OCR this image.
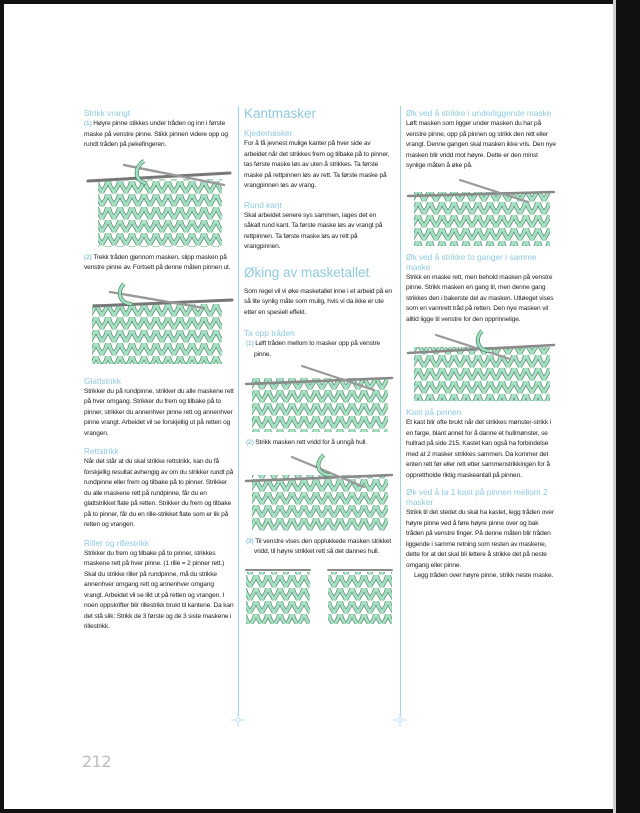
Strikk vrangt

(1) Høyre pinne stikkes under tråden og inn i første maske på venstre pinne. Stikk pinnen videre opp og rundt tråden på pekefingeren.

(2) Trekk tråden gjennom masken, slipp masken på venstre pinne av. Fortsett på denne måten pinnen ut.

Glattstrikk

Strikker du på rundpinne, strikker du alle maskene rett på hver omgang. Strikker du frem og tilbake på to pinner, strikker du annenhver pinne rett og annenhver pinne vrangt. Arbeidet vil se forskjellig ut på retten og vrangen.

Rettstrikk

Når det står at du skal strikke rettstrikk, kan du få forskjellig resultat avhengig av om du strikker rundt på rundpinne eller frem og tilbake på to pinner. Strikker du alle maskene rett på rundpinne, får du en glattstrikket flate på retten. Strikker du frem og tilbake på to pinner, får du en rille-strikket flate som er lik på retten og vrangen.

Riller og rillestrikk

Strikker du frem og tilbake på to pinner, strikkes maskene rett på hver pinne. (1 rille = 2 pinner rett.) Skal du strikke riller på rundpinne, må du strikke annenhver omgang rett og annenhver omgang vrangt. Arbeidet vil se likt ut på retten og vrangen. I noen oppskrifter blir rillestrikk brukt til kantene. Da kan det stå slik: Strikk de 3 første og de 3 siste maskene i rillestrikk.

Kantmasker
Kjedemasker

For å få jevnest mulige kanter på hver side av arbeidet når det strikkes frem og tilbake på to pinner, tas første maske løs av uten å strikkes. Ta første maske på rettpinnen løs av rett. Ta første maske på vrangpinnen løs av vrang.

Rund kant

Skal arbeidet senere sys sammen, lages det en såkalt rund kant. Ta første maske løs av vrangt på rettpinnen. Ta første maske løs av rett på vrangpinnen.

Øking av masketallet

Som regel vil vi øke masketallet inne i et arbeid på en så lite synlig måte som mulig, hvis vi da ikke er ute etter en spesiell effekt.

Ta opp tråden

(1) Løft tråden mellom to masker opp på venstre pinne.

(2) Strikk masken rett vridd for å unngå hull.

(3) Til venstre vises den opplukkede masken strikket vridd, til høyre strikket rett så det dannes hull.

Øk ved å strikke i underliggende maske

Løft masken som ligger under masken du har på venstre pinne, opp på pinnen og strikk den rett eller vrangt. Denne gangen skal masken ikke vris. Den nye masken blir vridd mot høyre. Dette er den minst synlige måten å øke på.

Øk ved å strikke to ganger i samme maske

Strikk en maske rett, men behold masken på venstre pinne. Strikk masken en gang til, men denne gang strikkes den i bakerste del av masken. Utløeget vises som en vannrett tråd på retten. Den nye masken vil alltid ligge til venstre for den opprinnelige.

Kast på pinnen

Et kast blir ofte brukt når det strikkes mønster-strikk i en farge, blant annet for å danne et hullmønster, se hullrad på side 215. Kastet kan også ha forbindelse med at 2 masker strikkes sammen. Da kommer det enten rett før eller rett etter sammenstrikkingen for å opprettholde riktig maskeantall på pinnen.

Øk ved å ta 1 kast på pinnen mellom 2 masker

Strikk til det stedet du skal ha kastet, legg tråden over høyre pinne ved å føre høyre pinne over og bak tråden på venstre finger. På denne måten blir tråden liggende i samme retning som resten av maskene, dette for at det skal bli lettere å strikke det på neste omgang eller pinne.

Legg tråden over høyre pinne, strikk neste maske.

212
